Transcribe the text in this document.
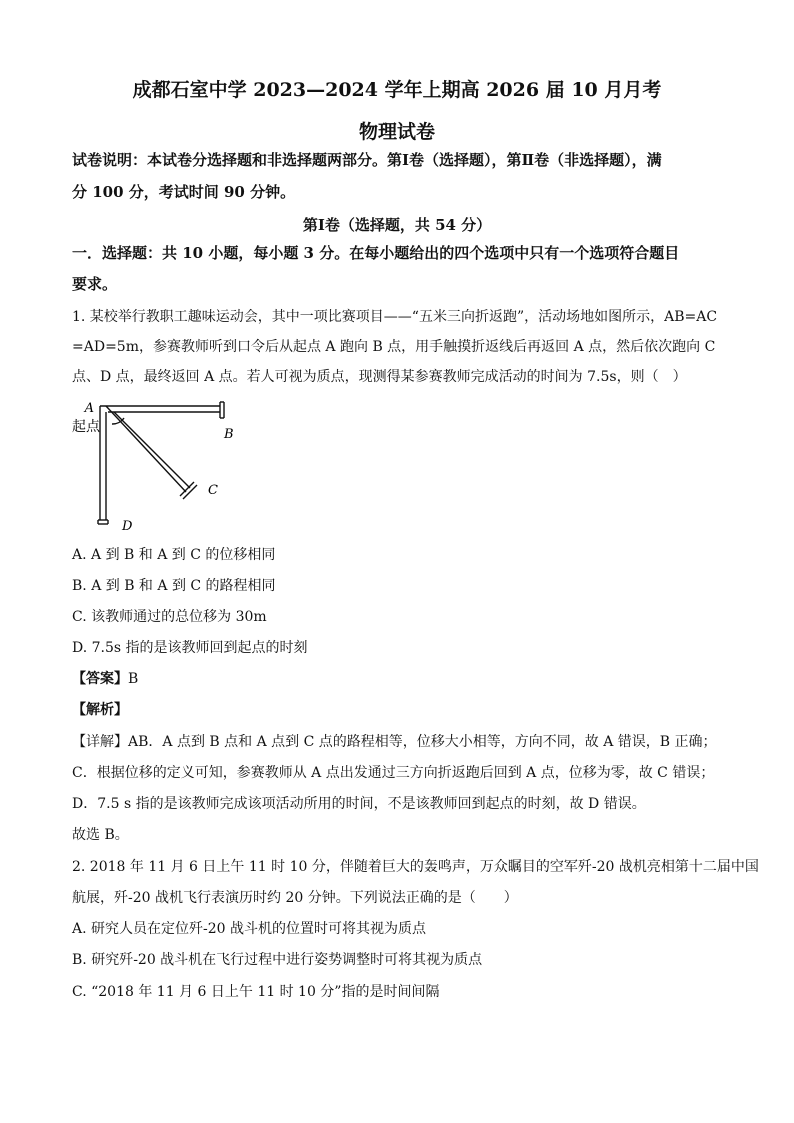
成都石室中学 2023—2024 学年上期高 2026 届 10 月月考
物理试卷
试卷说明：本试卷分选择题和非选择题两部分。第Ⅰ卷（选择题），第Ⅱ卷（非选择题），满
分 100 分，考试时间 90 分钟。
第Ⅰ卷（选择题，共 54 分）
一．选择题：共 10 小题，每小题 3 分。在每小题给出的四个选项中只有一个选项符合题目
要求。
1. 某校举行教职工趣味运动会，其中一项比赛项目——“五米三向折返跑”，活动场地如图所示，AB=AC
=AD=5m，参赛教师听到口令后从起点 A 跑向 B 点，用手触摸折返线后再返回 A 点，然后依次跑向 C
点、D 点，最终返回 A 点。若人可视为质点，现测得某参赛教师完成活动的时间为 7.5s，则（　）
A
起点	B
C
D
A. A 到 B 和 A 到 C 的位移相同
B. A 到 B 和 A 到 C 的路程相同
C. 该教师通过的总位移为 30m
D. 7.5s 指的是该教师回到起点的时刻
【答案】B
【解析】
【详解】AB．A 点到 B 点和 A 点到 C 点的路程相等，位移大小相等，方向不同，故 A 错误，B 正确；
C．根据位移的定义可知，参赛教师从 A 点出发通过三方向折返跑后回到 A 点，位移为零，故 C 错误；
D．7.5 s 指的是该教师完成该项活动所用的时间，不是该教师回到起点的时刻，故 D 错误。
故选 B。
2. 2018 年 11 月 6 日上午 11 时 10 分，伴随着巨大的轰鸣声，万众瞩目的空军歼-20 战机亮相第十二届中国
航展，歼-20 战机飞行表演历时约 20 分钟。下列说法正确的是（　　）
A. 研究人员在定位歼-20 战斗机的位置时可将其视为质点
B. 研究歼-20 战斗机在飞行过程中进行姿势调整时可将其视为质点
C. “2018 年 11 月 6 日上午 11 时 10 分”指的是时间间隔
